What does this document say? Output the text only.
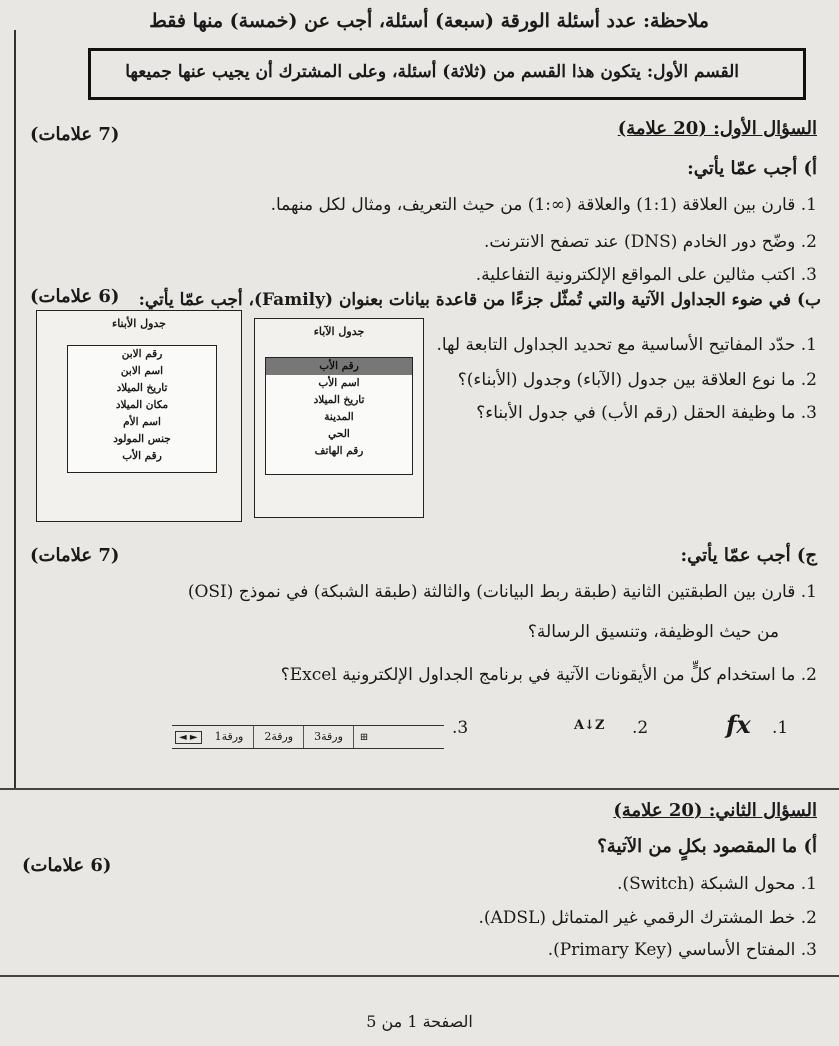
ملاحظة: عدد أسئلة الورقة (سبعة) أسئلة، أجب عن (خمسة) منها فقط
القسم الأول: يتكون هذا القسم من (ثلاثة) أسئلة، وعلى المشترك أن يجيب عنها جميعها
السؤال الأول: (20 علامة)
(7 علامات)
أ) أجب عمّا يأتي:
1. قارن بين العلاقة (1:1) والعلاقة (∞:1) من حيث التعريف، ومثال لكل منهما.
2. وضّح دور الخادم (DNS) عند تصفح الانترنت.
3. اكتب مثالين على المواقع الإلكترونية التفاعلية.
ب) في ضوء الجداول الآتية والتي تُمثّل جزءًا من قاعدة بيانات بعنوان (Family)، أجب عمّا يأتي:
(6 علامات)
1. حدّد المفاتيح الأساسية مع تحديد الجداول التابعة لها.
2. ما نوع العلاقة بين جدول (الآباء) وجدول (الأبناء)؟
3. ما وظيفة الحقل (رقم الأب) في جدول الأبناء؟
جدول الآباء
رقم الأب
اسم الأب
تاريخ الميلاد
المدينة
الحي
رقم الهاتف
جدول الأبناء
رقم الابن
اسم الابن
تاريخ الميلاد
مكان الميلاد
اسم الأم
جنس المولود
رقم الأب
ج) أجب عمّا يأتي:
(7 علامات)
1. قارن بين الطبقتين الثانية (طبقة ربط البيانات) والثالثة (طبقة الشبكة) في نموذج (OSI)
من حيث الوظيفة، وتنسيق الرسالة؟
2. ما استخدام كلٍّ من الأيقونات الآتية في برنامج الجداول الإلكترونية Excel؟
.1
fx
.2
A↓Z
.3
◄ ►	ورقة1	ورقة2	ورقة3	⊞
السؤال الثاني: (20 علامة)
(6 علامات)
أ) ما المقصود بكلٍ من الآتية؟
1. محول الشبكة (Switch).
2. خط المشترك الرقمي غير المتماثل (ADSL).
3. المفتاح الأساسي (Primary Key).
الصفحة 1 من 5
